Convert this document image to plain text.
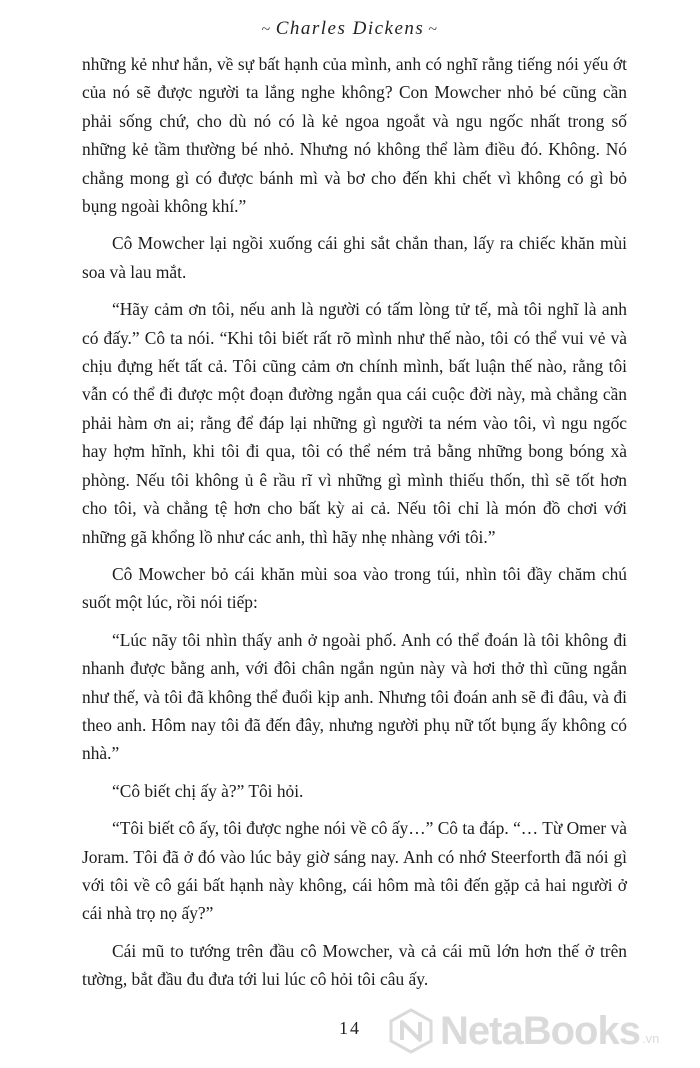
~ Charles Dickens ~

những kẻ như hắn, về sự bất hạnh của mình, anh có nghĩ rằng tiếng nói yếu ớt của nó sẽ được người ta lắng nghe không? Con Mowcher nhỏ bé cũng cần phải sống chứ, cho dù nó có là kẻ ngoa ngoắt và ngu ngốc nhất trong số những kẻ tầm thường bé nhỏ. Nhưng nó không thể làm điều đó. Không. Nó chẳng mong gì có được bánh mì và bơ cho đến khi chết vì không có gì bỏ bụng ngoài không khí.”

Cô Mowcher lại ngồi xuống cái ghi sắt chắn than, lấy ra chiếc khăn mùi soa và lau mắt.

“Hãy cảm ơn tôi, nếu anh là người có tấm lòng tử tế, mà tôi nghĩ là anh có đấy.” Cô ta nói. “Khi tôi biết rất rõ mình như thế nào, tôi có thể vui vẻ và chịu đựng hết tất cả. Tôi cũng cảm ơn chính mình, bất luận thế nào, rằng tôi vẫn có thể đi được một đoạn đường ngắn qua cái cuộc đời này, mà chẳng cần phải hàm ơn ai; rằng để đáp lại những gì người ta ném vào tôi, vì ngu ngốc hay hợm hĩnh, khi tôi đi qua, tôi có thể ném trả bằng những bong bóng xà phòng. Nếu tôi không ủ ê rầu rĩ vì những gì mình thiếu thốn, thì sẽ tốt hơn cho tôi, và chẳng tệ hơn cho bất kỳ ai cả. Nếu tôi chỉ là món đồ chơi với những gã khổng lồ như các anh, thì hãy nhẹ nhàng với tôi.”

Cô Mowcher bỏ cái khăn mùi soa vào trong túi, nhìn tôi đầy chăm chú suốt một lúc, rồi nói tiếp:

“Lúc nãy tôi nhìn thấy anh ở ngoài phố. Anh có thể đoán là tôi không đi nhanh được bằng anh, với đôi chân ngắn ngủn này và hơi thở thì cũng ngắn như thế, và tôi đã không thể đuổi kịp anh. Nhưng tôi đoán anh sẽ đi đâu, và đi theo anh. Hôm nay tôi đã đến đây, nhưng người phụ nữ tốt bụng ấy không có nhà.”

“Cô biết chị ấy à?” Tôi hỏi.

“Tôi biết cô ấy, tôi được nghe nói về cô ấy…” Cô ta đáp. “… Từ Omer và Joram. Tôi đã ở đó vào lúc bảy giờ sáng nay. Anh có nhớ Steerforth đã nói gì với tôi về cô gái bất hạnh này không, cái hôm mà tôi đến gặp cả hai người ở cái nhà trọ nọ ấy?”

Cái mũ to tướng trên đầu cô Mowcher, và cả cái mũ lớn hơn thế ở trên tường, bắt đầu đu đưa tới lui lúc cô hỏi tôi câu ấy.

14	NetaBooks .vn
